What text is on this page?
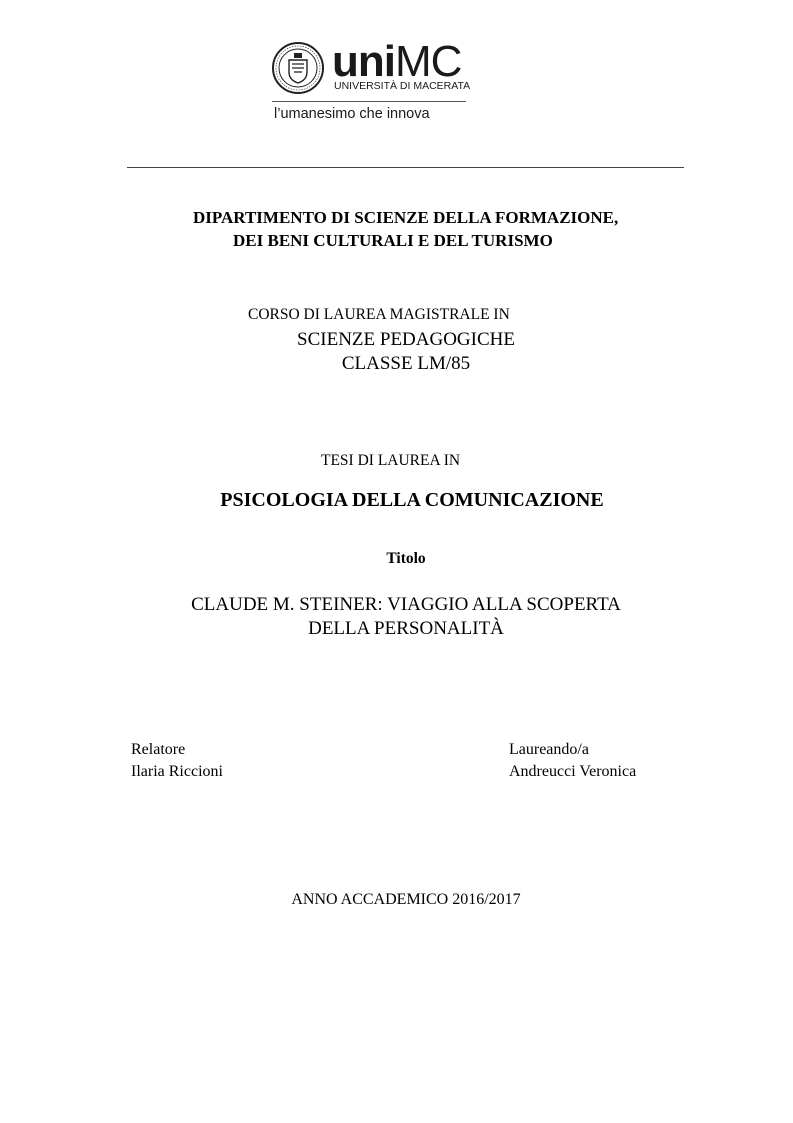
uniMC
UNIVERSITÀ DI MACERATA
l’umanesimo che innova
DIPARTIMENTO DI SCIENZE DELLA FORMAZIONE,
DEI BENI CULTURALI E DEL TURISMO
CORSO DI LAUREA MAGISTRALE IN
SCIENZE PEDAGOGICHE
CLASSE LM/85
TESI DI LAUREA IN
PSICOLOGIA DELLA COMUNICAZIONE
Titolo
CLAUDE M. STEINER: VIAGGIO ALLA SCOPERTA
DELLA PERSONALITÀ
Relatore
Ilaria Riccioni
Laureando/a
Andreucci Veronica
ANNO ACCADEMICO 2016/2017
